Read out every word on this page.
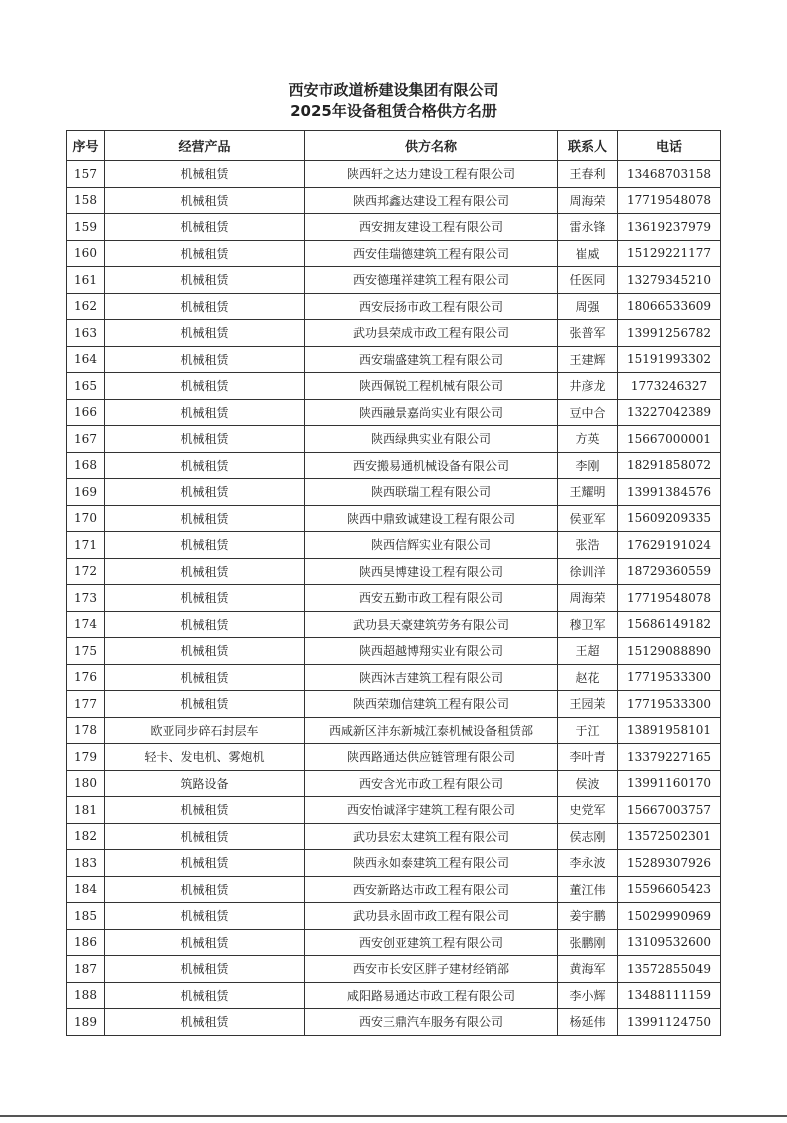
西安市政道桥建设集团有限公司
2025年设备租赁合格供方名册
序号	经营产品	供方名称	联系人	电话
157	机械租赁	陕西轩之达力建设工程有限公司	王春利	13468703158
158	机械租赁	陕西邦鑫达建设工程有限公司	周海荣	17719548078
159	机械租赁	西安拥友建设工程有限公司	雷永锋	13619237979
160	机械租赁	西安佳瑞德建筑工程有限公司	崔威	15129221177
161	机械租赁	西安德瑾祥建筑工程有限公司	任医同	13279345210
162	机械租赁	西安辰扬市政工程有限公司	周强	18066533609
163	机械租赁	武功县荣成市政工程有限公司	张普军	13991256782
164	机械租赁	西安瑞盛建筑工程有限公司	王建辉	15191993302
165	机械租赁	陕西佩锐工程机械有限公司	井彦龙	1773246327
166	机械租赁	陕西融景嘉尚实业有限公司	豆中合	13227042389
167	机械租赁	陕西绿典实业有限公司	方英	15667000001
168	机械租赁	西安搬易通机械设备有限公司	李刚	18291858072
169	机械租赁	陕西联瑞工程有限公司	王耀明	13991384576
170	机械租赁	陕西中鼎致诚建设工程有限公司	侯亚军	15609209335
171	机械租赁	陕西信辉实业有限公司	张浩	17629191024
172	机械租赁	陕西昊博建设工程有限公司	徐训洋	18729360559
173	机械租赁	西安五勤市政工程有限公司	周海荣	17719548078
174	机械租赁	武功县天豪建筑劳务有限公司	穆卫军	15686149182
175	机械租赁	陕西超越博翔实业有限公司	王超	15129088890
176	机械租赁	陕西沐吉建筑工程有限公司	赵花	17719533300
177	机械租赁	陕西荣珈信建筑工程有限公司	王园茉	17719533300
178	欧亚同步碎石封层车	西咸新区沣东新城江泰机械设备租赁部	于江	13891958101
179	轻卡、发电机、雾炮机	陕西路通达供应链管理有限公司	李叶青	13379227165
180	筑路设备	西安含光市政工程有限公司	侯波	13991160170
181	机械租赁	西安怡诚泽宇建筑工程有限公司	史党军	15667003757
182	机械租赁	武功县宏太建筑工程有限公司	侯志刚	13572502301
183	机械租赁	陕西永如泰建筑工程有限公司	李永波	15289307926
184	机械租赁	西安新路达市政工程有限公司	董江伟	15596605423
185	机械租赁	武功县永固市政工程有限公司	姜宇鹏	15029990969
186	机械租赁	西安创亚建筑工程有限公司	张鹏刚	13109532600
187	机械租赁	西安市长安区胖子建材经销部	黄海军	13572855049
188	机械租赁	咸阳路易通达市政工程有限公司	李小辉	13488111159
189	机械租赁	西安三鼎汽车服务有限公司	杨延伟	13991124750
